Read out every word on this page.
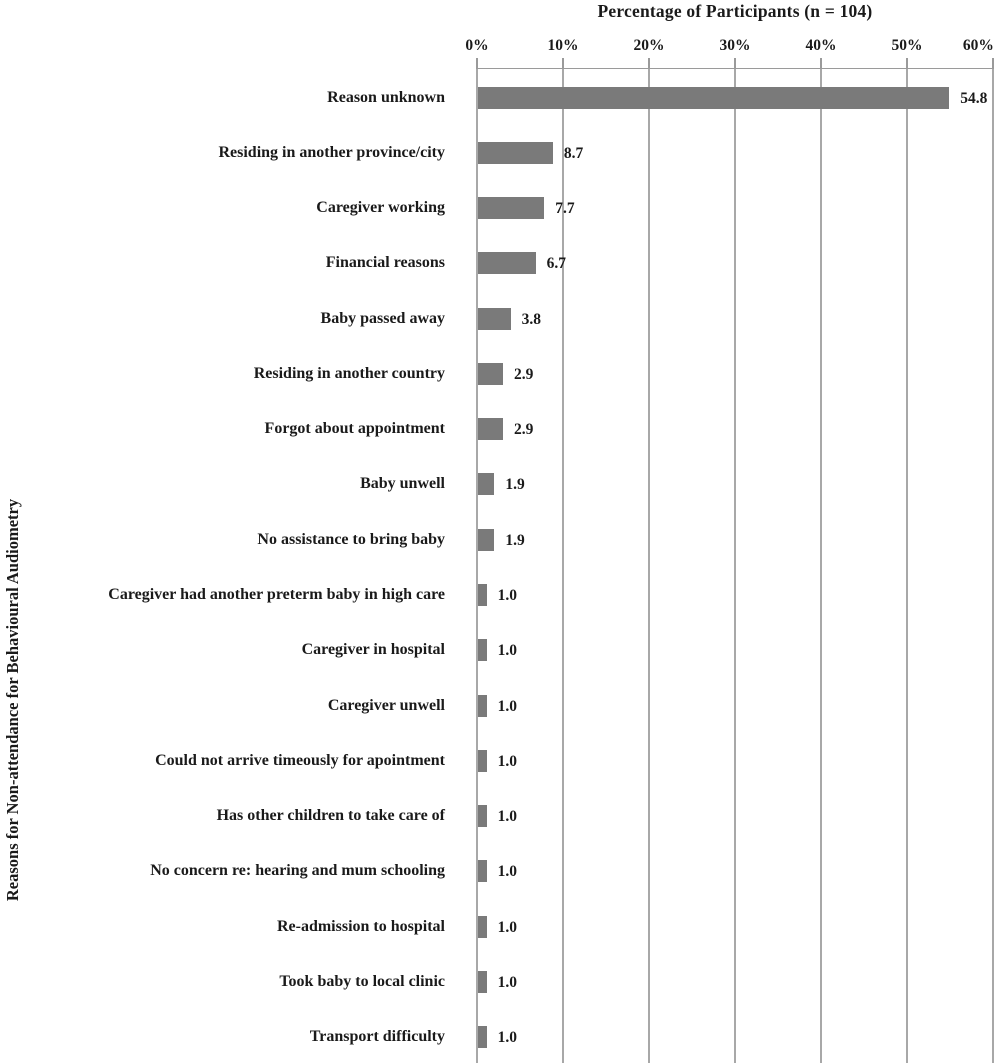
Percentage of Participants (n = 104)
Reasons for Non-attendance for Behavioural Audiometry
0%	10%	20%	30%	40%	50%	60%
Reason unknown	54.8
Residing in another province/city	8.7
Caregiver working	7.7
Financial reasons	6.7
Baby passed away	3.8
Residing in another country	2.9
Forgot about appointment	2.9
Baby unwell	1.9
No assistance to bring baby	1.9
Caregiver had another preterm baby in high care	1.0
Caregiver in hospital	1.0
Caregiver unwell	1.0
Could not arrive timeously for apointment	1.0
Has other children to take care of	1.0
No concern re: hearing and mum schooling	1.0
Re-admission to hospital	1.0
Took baby to local clinic	1.0
Transport difficulty	1.0
